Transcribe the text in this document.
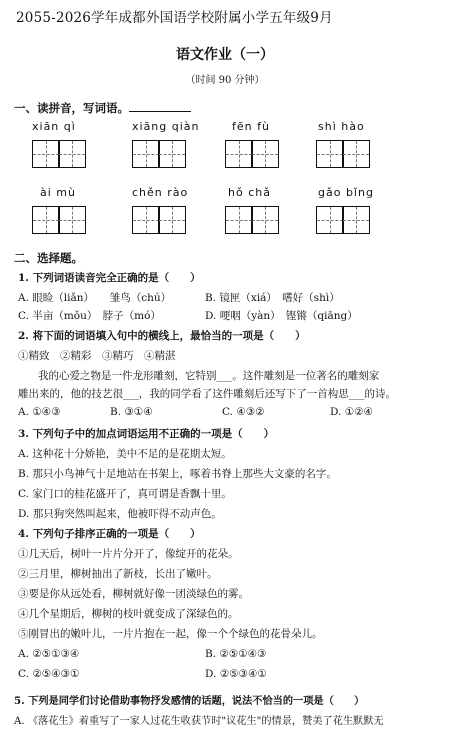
2055-2026学年成都外国语学校附属小学五年级9月
语文作业（一）
（时间 90 分钟）
一、读拼音，写词语。
xiān qì	xiāng qiàn	fēn fù	shì hào
ài mù	chěn rào	hǒ chǎ	gǎo bǐng
二、选择题。
1. 下列词语读音完全正确的是（　　）
A. 眼睑（liǎn）　　雏鸟（chú）	B. 镜匣（xiá）　嗜好（shì）
C. 半亩（mǒu）　脖子（mó）	D. 哽咽（yàn）　铿锵（qiāng）
2. 将下面的词语填入句中的横线上，最恰当的一项是（　　）
①精致　②精彩　③精巧　④精湛
我的心爱之物是一件龙形雕刻，它特别___。这件雕刻是一位著名的雕刻家
雕出来的，他的技艺很___，我的同学看了这件雕刻后还写下了一首构思___的诗。
A. ①④③	B. ③①④	C. ④③②	D. ①②④
3. 下列句子中的加点词语运用不正确的一项是（　　）
A. 这种花十分娇艳，美中不足的是花期太短。
B. 那只小鸟神气十足地站在书架上，啄着书脊上那些大文豪的名字。
C. 家门口的桂花盛开了，真可谓是香飘十里。
D. 那只狗突然叫起来，他被吓得不动声色。
4. 下列句子排序正确的一项是（　　）
①几天后，树叶一片片分开了，像绽开的花朵。
②三月里，柳树抽出了新枝，长出了嫩叶。
③要是你从远处看，柳树就好像一团淡绿色的雾。
④几个星期后，柳树的枝叶就变成了深绿色的。
⑤刚冒出的嫩叶儿，一片片抱在一起，像一个个绿色的花骨朵儿。
A. ②⑤①③④	B. ②⑤①④③
C. ②⑤④③①	D. ②⑤③④①
5. 下列是同学们讨论借助事物抒发感情的话题，说法不恰当的一项是（　　）
A. 《落花生》着重写了一家人过花生收获节时"议花生"的情景，赞美了花生默默无
